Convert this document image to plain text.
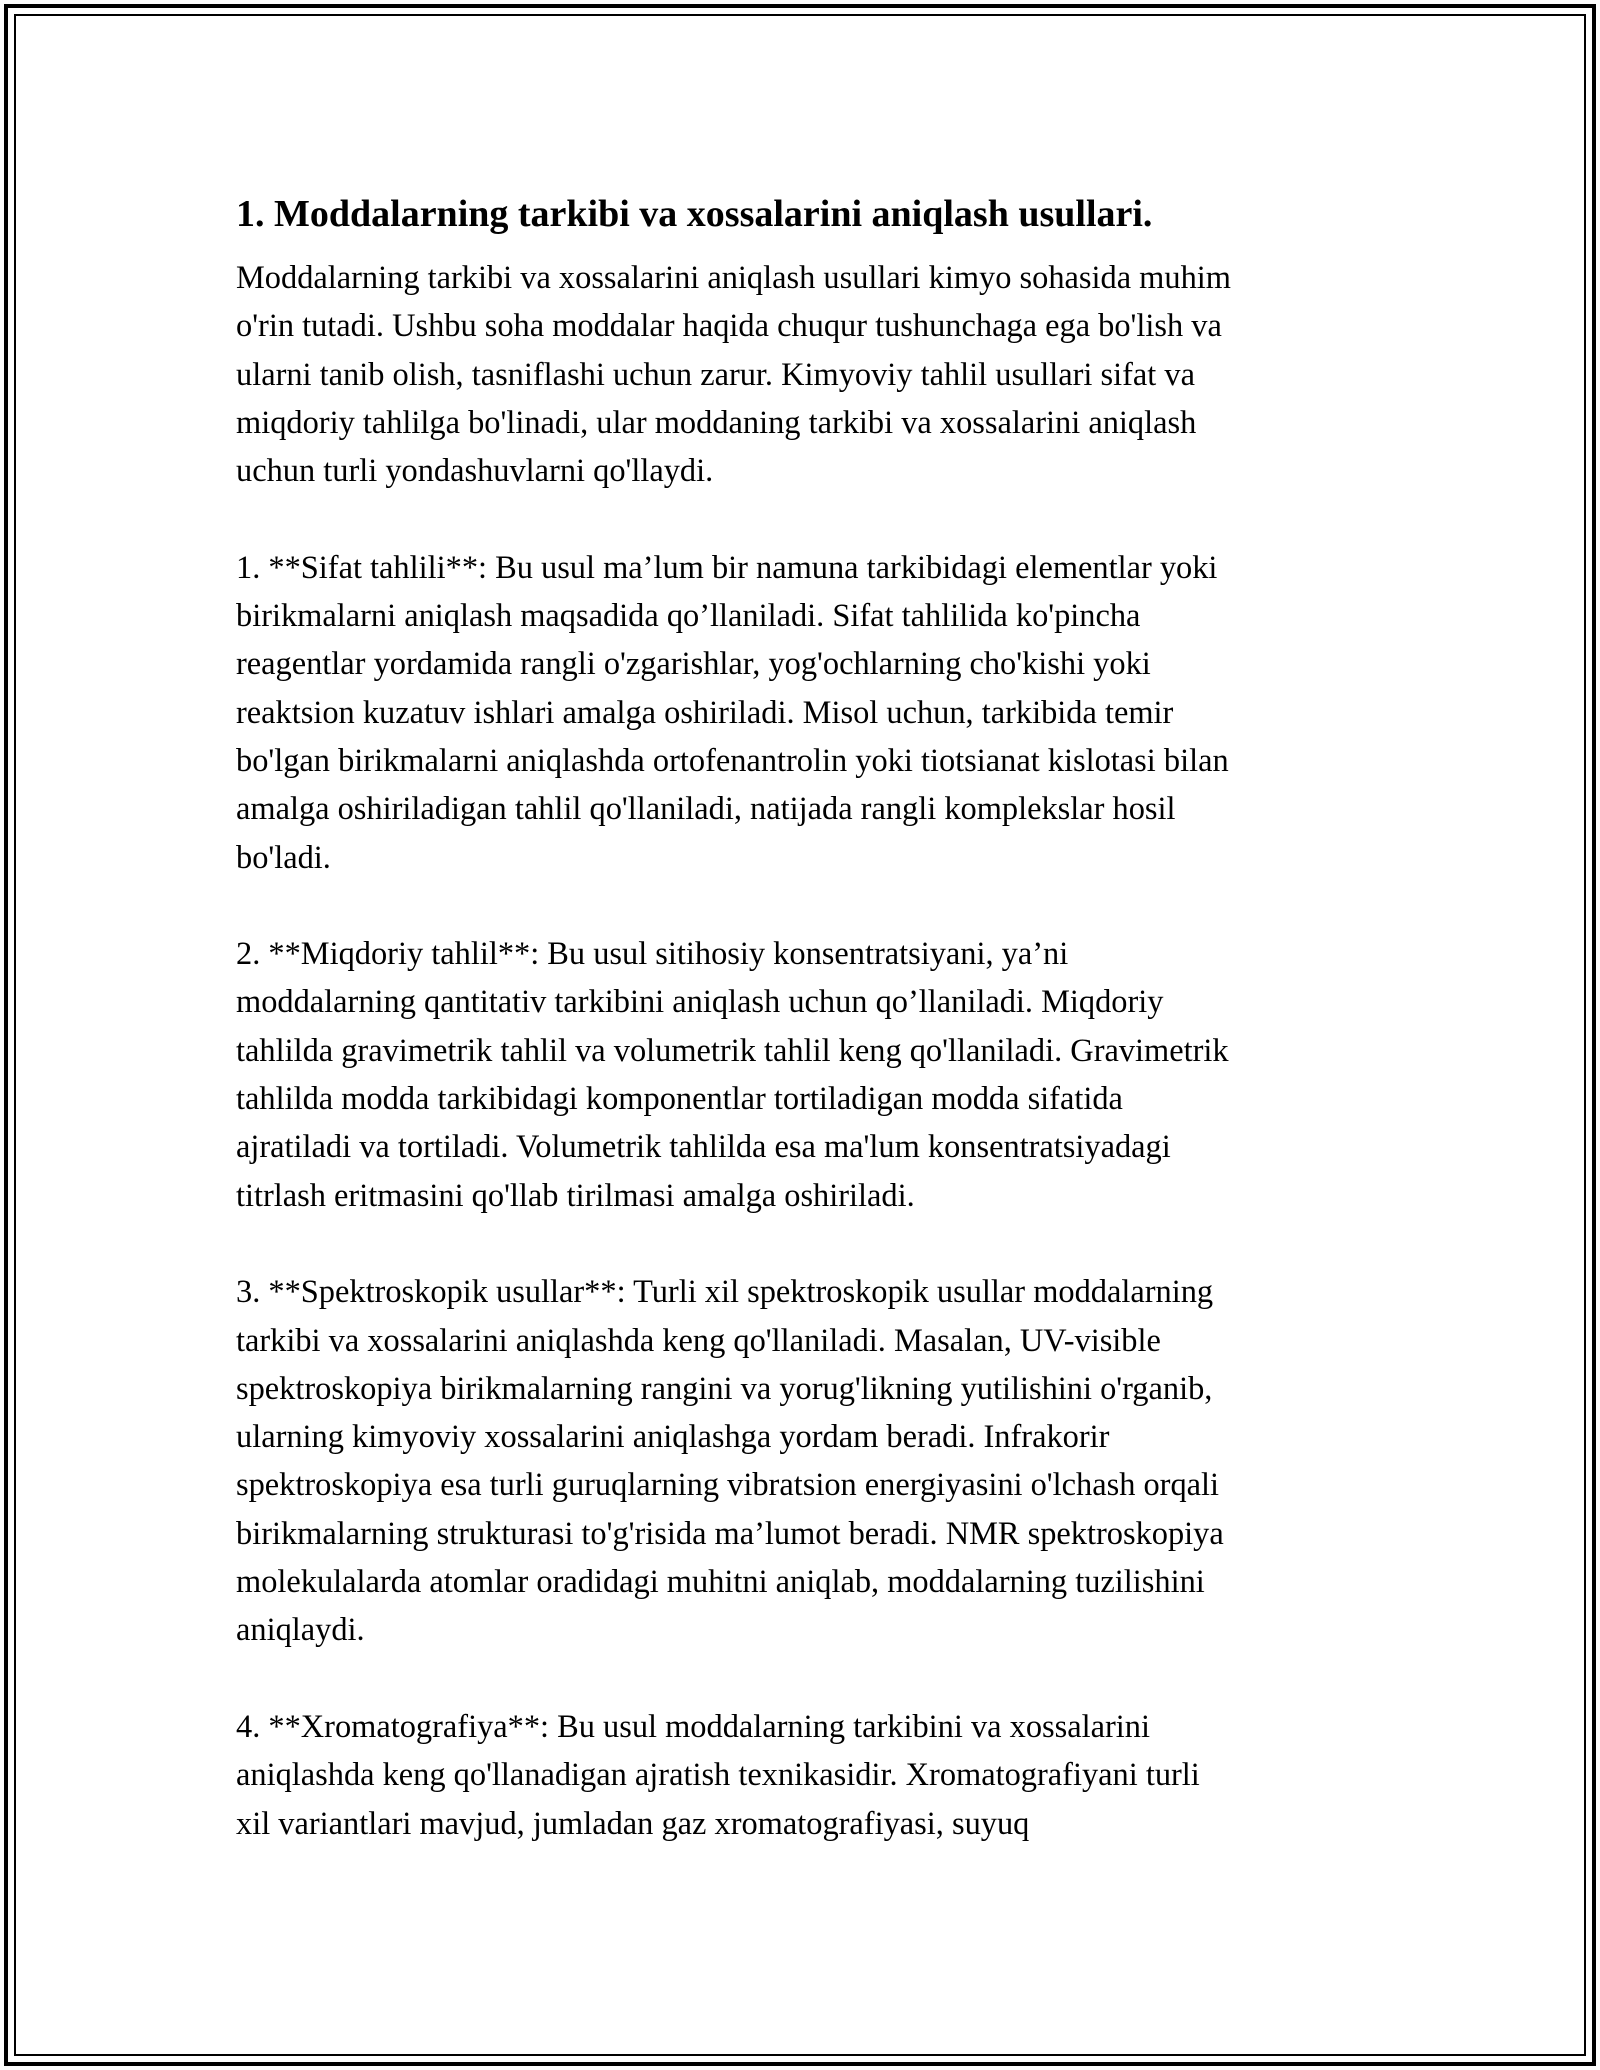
1. Moddalarning tarkibi va xossalarini aniqlash usullari.

Moddalarning tarkibi va xossalarini aniqlash usullari kimyo sohasida muhim
o'rin tutadi. Ushbu soha moddalar haqida chuqur tushunchaga ega bo'lish va
ularni tanib olish, tasniflashi uchun zarur. Kimyoviy tahlil usullari sifat va
miqdoriy tahlilga bo'linadi, ular moddaning tarkibi va xossalarini aniqlash
uchun turli yondashuvlarni qo'llaydi.

1. **Sifat tahlili**: Bu usul ma’lum bir namuna tarkibidagi elementlar yoki
birikmalarni aniqlash maqsadida qo’llaniladi. Sifat tahlilida ko'pincha
reagentlar yordamida rangli o'zgarishlar, yog'ochlarning cho'kishi yoki
reaktsion kuzatuv ishlari amalga oshiriladi. Misol uchun, tarkibida temir
bo'lgan birikmalarni aniqlashda ortofenantrolin yoki tiotsianat kislotasi bilan
amalga oshiriladigan tahlil qo'llaniladi, natijada rangli komplekslar hosil
bo'ladi.

2. **Miqdoriy tahlil**: Bu usul sitihosiy konsentratsiyani, ya’ni
moddalarning qantitativ tarkibini aniqlash uchun qo’llaniladi. Miqdoriy
tahlilda gravimetrik tahlil va volumetrik tahlil keng qo'llaniladi. Gravimetrik
tahlilda modda tarkibidagi komponentlar tortiladigan modda sifatida
ajratiladi va tortiladi. Volumetrik tahlilda esa ma'lum konsentratsiyadagi
titrlash eritmasini qo'llab tirilmasi amalga oshiriladi.

3. **Spektroskopik usullar**: Turli xil spektroskopik usullar moddalarning
tarkibi va xossalarini aniqlashda keng qo'llaniladi. Masalan, UV-visible
spektroskopiya birikmalarning rangini va yorug'likning yutilishini o'rganib,
ularning kimyoviy xossalarini aniqlashga yordam beradi. Infrakorir
spektroskopiya esa turli guruqlarning vibratsion energiyasini o'lchash orqali
birikmalarning strukturasi to'g'risida ma’lumot beradi. NMR spektroskopiya
molekulalarda atomlar oradidagi muhitni aniqlab, moddalarning tuzilishini
aniqlaydi.

4. **Xromatografiya**: Bu usul moddalarning tarkibini va xossalarini
aniqlashda keng qo'llanadigan ajratish texnikasidir. Xromatografiyani turli
xil variantlari mavjud, jumladan gaz xromatografiyasi, suyuq
